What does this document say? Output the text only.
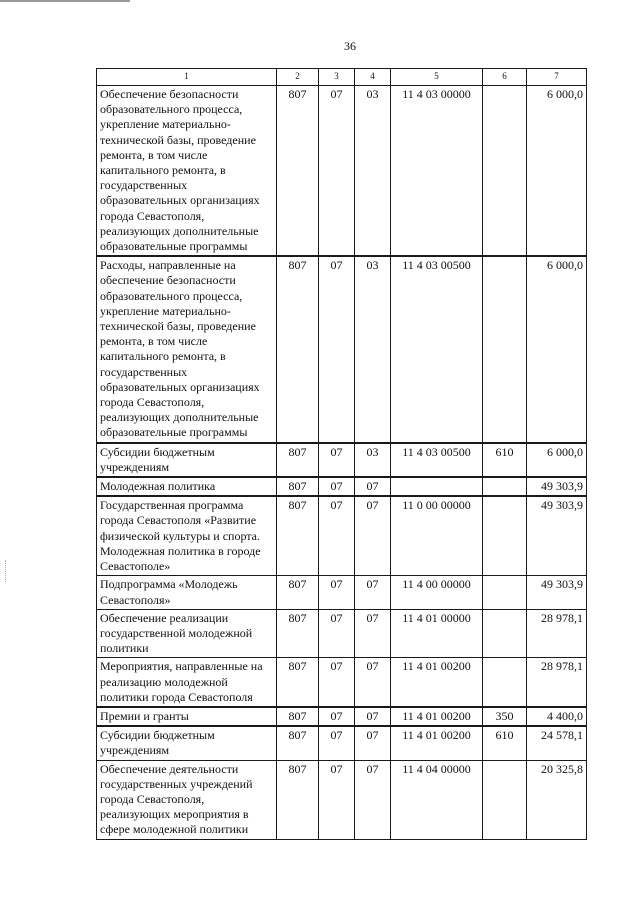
36
1	2	3	4	5	6	7
Обеспечение безопасности образовательного процесса, укрепление материально-технической базы, проведение ремонта, в том числе капитального ремонта, в государственных образовательных организациях города Севастополя, реализующих дополнительные образовательные программы	807	07	03	11 4 03 00000		6 000,0
Расходы, направленные на обеспечение безопасности образовательного процесса, укрепление материально-технической базы, проведение ремонта, в том числе капитального ремонта, в государственных образовательных организациях города Севастополя, реализующих дополнительные образовательные программы	807	07	03	11 4 03 00500		6 000,0
Субсидии бюджетным учреждениям	807	07	03	11 4 03 00500	610	6 000,0
Молодежная политика	807	07	07			49 303,9
Государственная программа города Севастополя «Развитие физической культуры и спорта. Молодежная политика в городе Севастополе»	807	07	07	11 0 00 00000		49 303,9
Подпрограмма «Молодежь Севастополя»	807	07	07	11 4 00 00000		49 303,9
Обеспечение реализации государственной молодежной политики	807	07	07	11 4 01 00000		28 978,1
Мероприятия, направленные на реализацию молодежной политики города Севастополя	807	07	07	11 4 01 00200		28 978,1
Премии и гранты	807	07	07	11 4 01 00200	350	4 400,0
Субсидии бюджетным учреждениям	807	07	07	11 4 01 00200	610	24 578,1
Обеспечение деятельности государственных учреждений города Севастополя, реализующих мероприятия в сфере молодежной политики	807	07	07	11 4 04 00000		20 325,8
